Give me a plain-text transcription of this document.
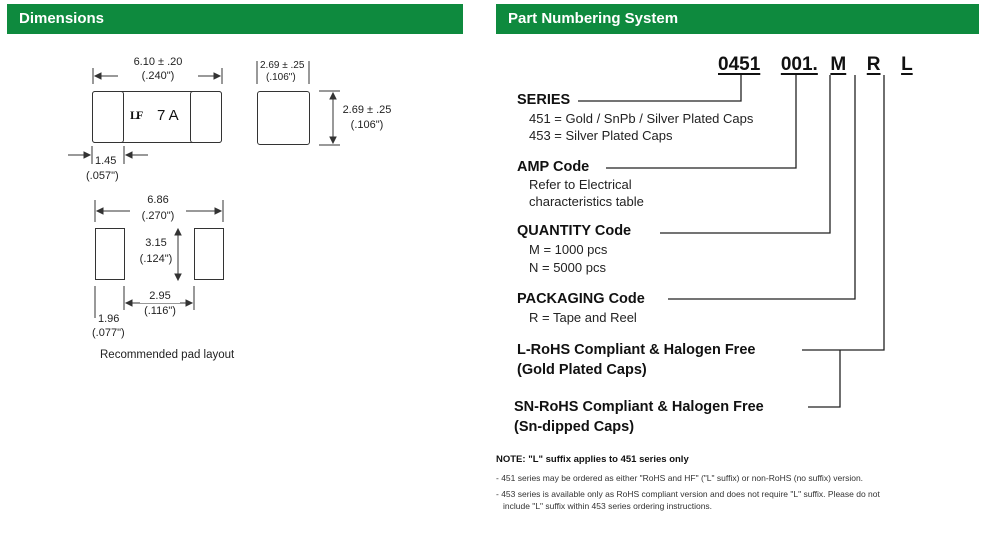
Dimensions	Part Numbering System
LF 7 A
6.10 ± .20
(.240")
1.45
(.057")
2.69 ± .25
(.106")
2.69 ± .25
(.106")
6.86
(.270")
3.15
(.124")
2.95
(.116")
1.96
(.077")
Recommended pad layout
0451 001. M R L
SERIES
451 = Gold / SnPb / Silver Plated Caps
453 = Silver Plated Caps
AMP Code
Refer to Electrical
characteristics table
QUANTITY Code
M = 1000 pcs
N = 5000 pcs
PACKAGING Code
R = Tape and Reel
L-RoHS Compliant & Halogen Free
(Gold Plated Caps)
SN-RoHS Compliant & Halogen Free
(Sn-dipped Caps)
NOTE: "L" suffix applies to 451 series only
- 451 series may be ordered as either "RoHS and HF" ("L" suffix) or non-RoHS (no suffix) version.
- 453 series is available only as RoHS compliant version and does not require "L" suffix. Please do not
include "L" suffix within 453 series ordering instructions.
